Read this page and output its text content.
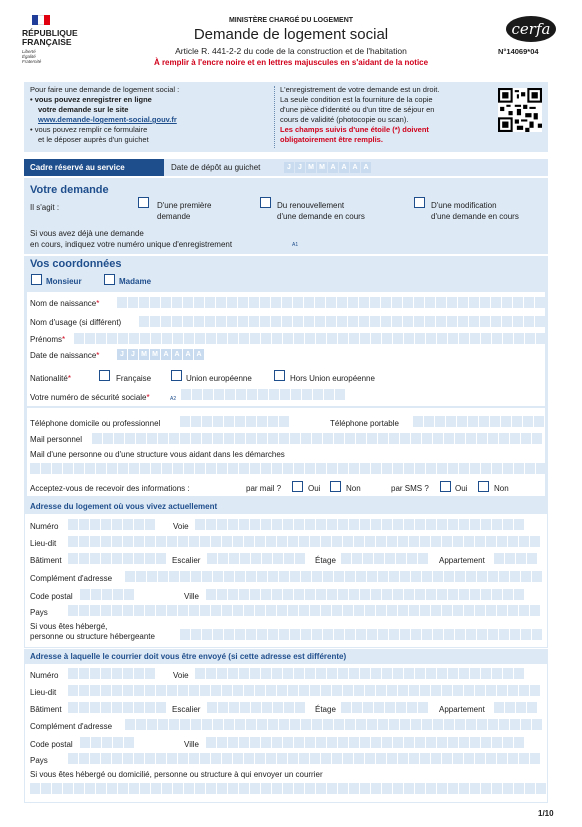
RÉPUBLIQUE
FRANÇAISE
Liberté
Égalité
Fraternité
MINISTÈRE CHARGÉ DU LOGEMENT
Demande de logement social
Article R. 441-2-2 du code de la construction et de l'habitation
À remplir à l'encre noire et en lettres majuscules en s'aidant de la notice
cerfa
N°14069*04
Pour faire une demande de logement social :
• vous pouvez enregistrer en ligne
votre demande sur le site
www.demande-logement-social.gouv.fr
• vous pouvez remplir ce formulaire
et le déposer auprès d'un guichet
L'enregistrement de votre demande est un droit.
La seule condition est la fourniture de la copie
d'une pièce d'identité ou d'un titre de séjour en
cours de validité (photocopie ou scan).
Les champs suivis d'une étoile (*) doivent
obligatoirement être remplis.
Cadre réservé au service	Date de dépôt au guichet	J	J M M A A A A
Votre demande
Il s'agit :	D'une première
demande
Du renouvellement
d'une demande en cours
D'une modification
d'une demande en cours
Si vous avez déjà une demande
en cours, indiquez votre numéro unique d'enregistrement	A1
Vos coordonnées
Monsieur	Madame
Nom de naissance*
Nom d'usage (si différent)
Prénoms*
Date de naissance*	J	J M M A A A A
Nationalité*	Française	Union européenne	Hors Union européenne
Votre numéro de sécurité sociale*	A2
Téléphone domicile ou professionnel	Téléphone portable
Mail personnel
Mail d'une personne ou d'une structure vous aidant dans les démarches
Acceptez-vous de recevoir des informations :	par mail ?	Oui	Non	par SMS ?	Oui	Non
Adresse du logement où vous vivez actuellement
Numéro	Voie
Lieu-dit
Bâtiment	Escalier	Étage	Appartement
Complément d'adresse
Code postal	Ville
Pays
Si vous êtes hébergé,
personne ou structure hébergeante
Adresse à laquelle le courrier doit vous être envoyé (si cette adresse est différente)
Numéro	Voie
Lieu-dit
Bâtiment	Escalier	Étage	Appartement
Complément d'adresse
Code postal	Ville
Pays
Si vous êtes hébergé ou domicilié, personne ou structure à qui envoyer un courrier
1/10
